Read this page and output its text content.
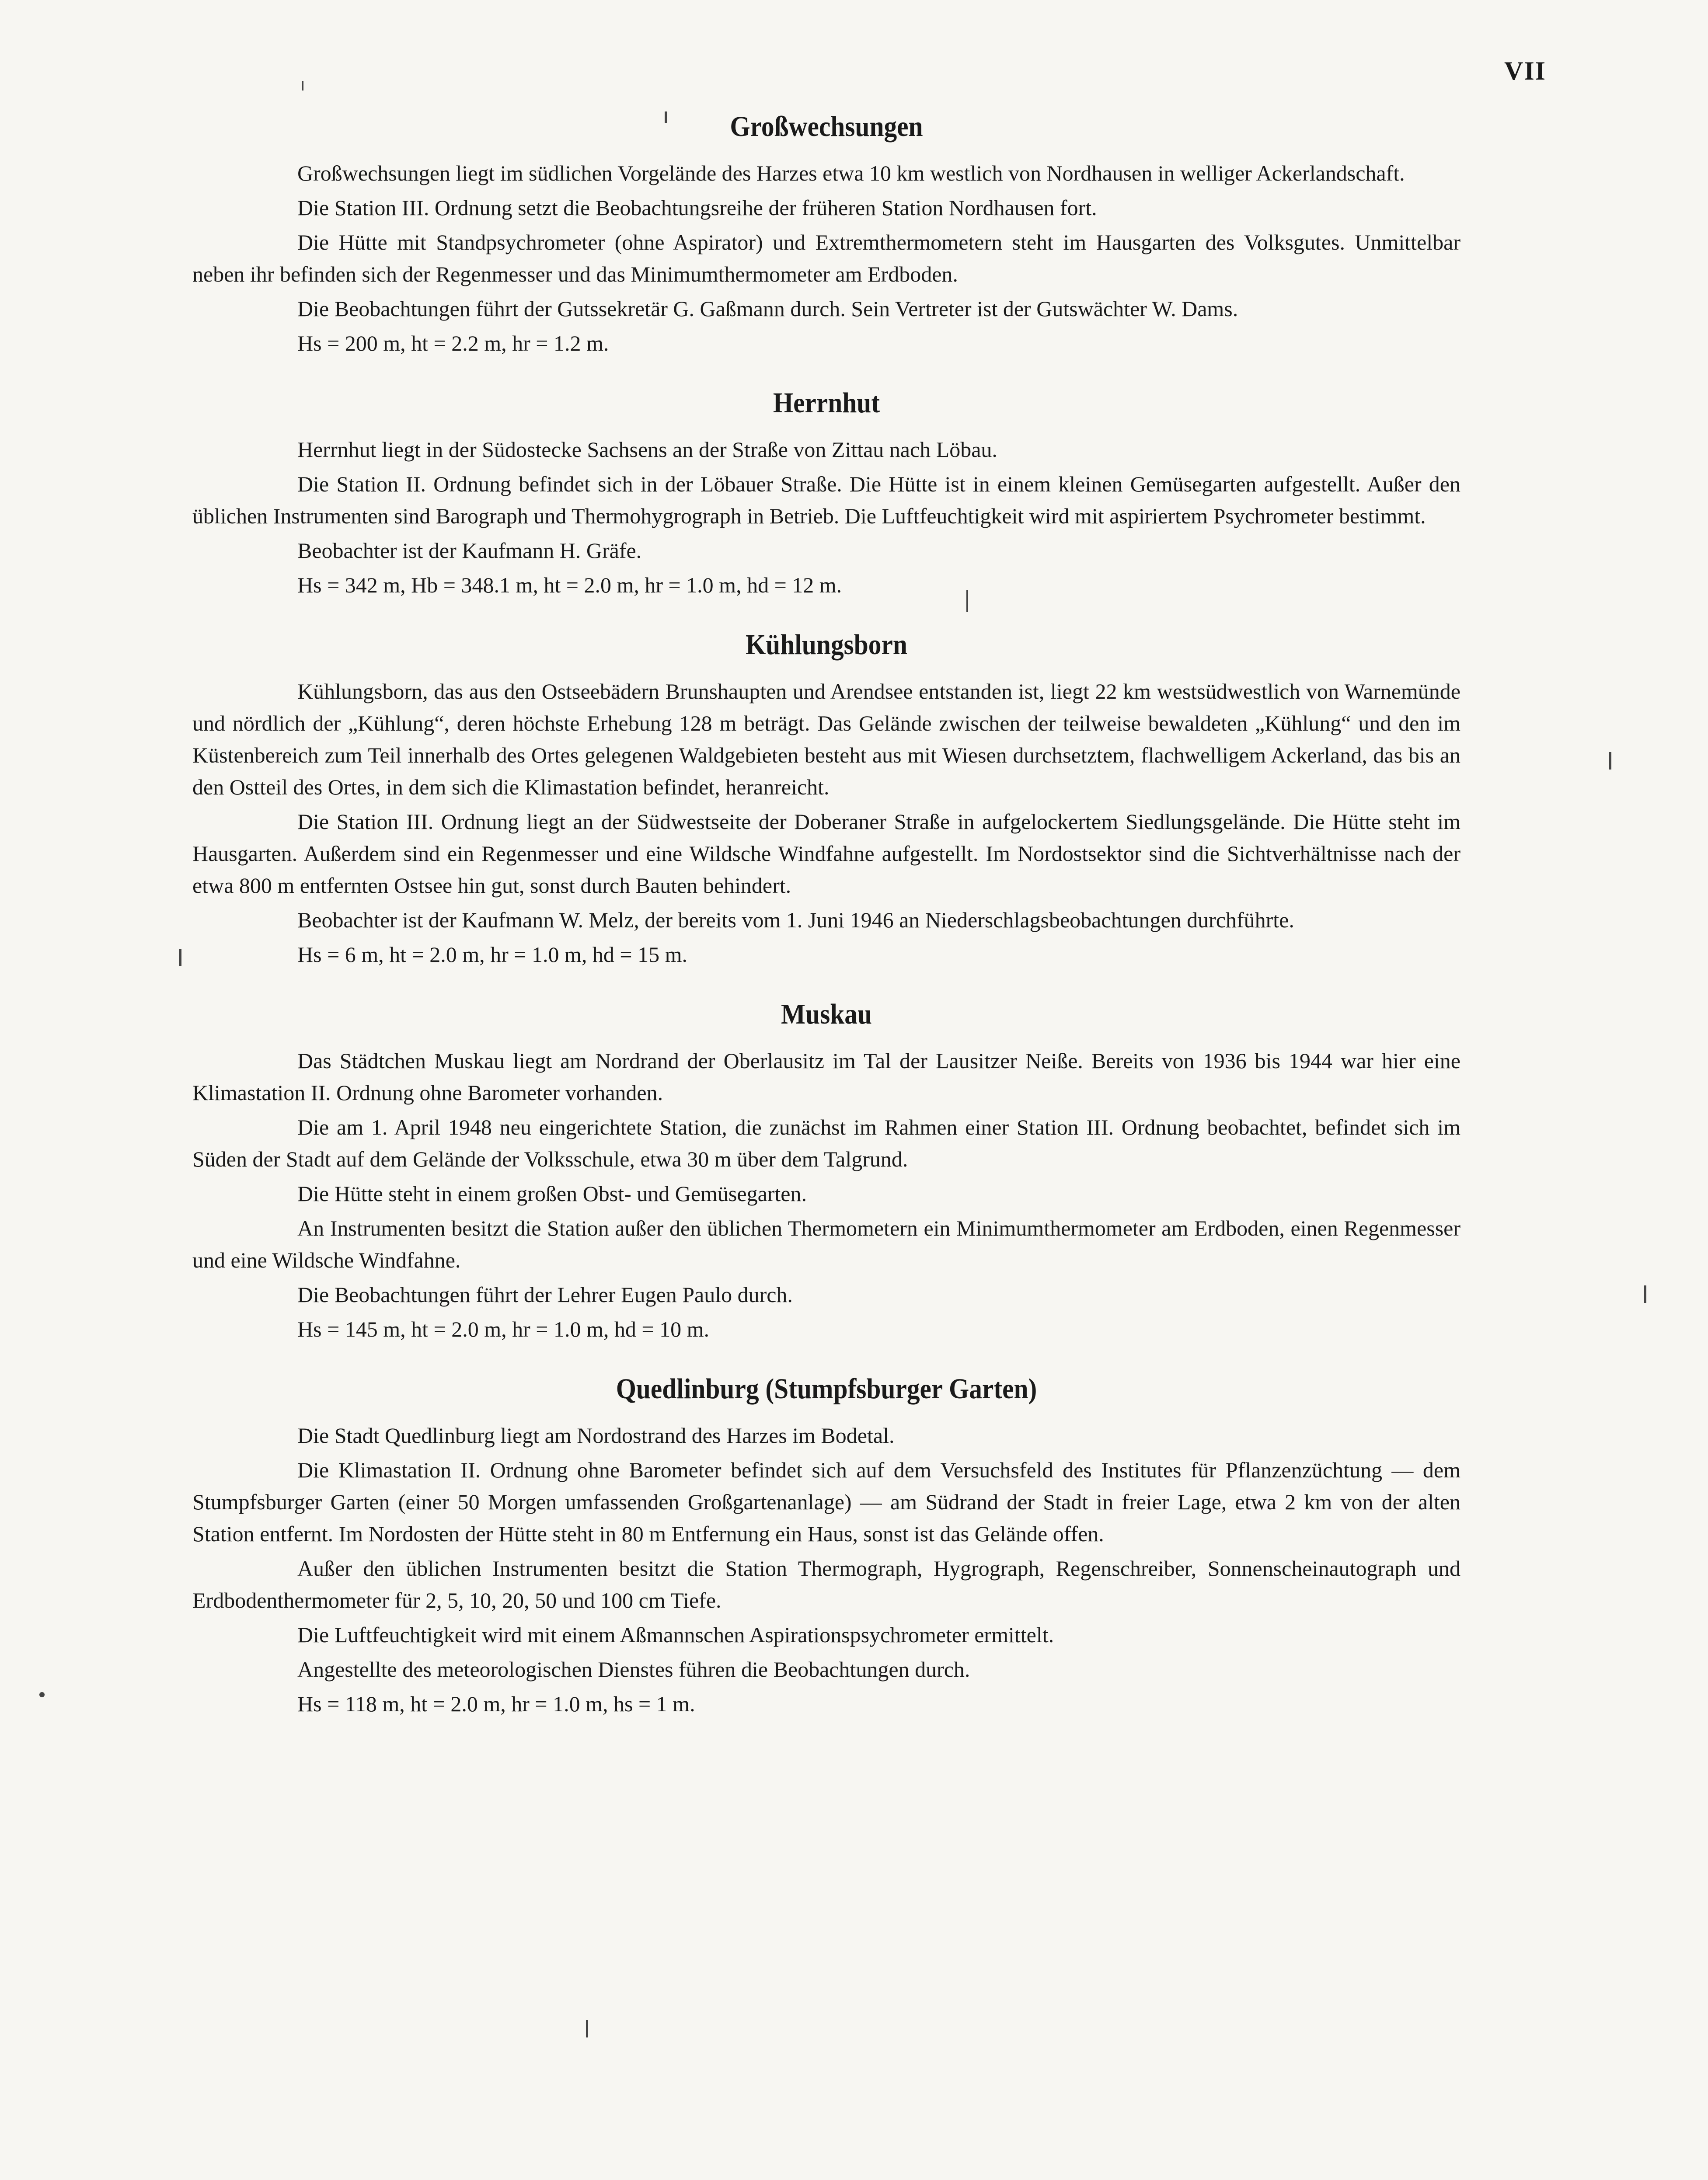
VII
Großwechsungen

Großwechsungen liegt im südlichen Vorgelände des Harzes etwa 10 km westlich von Nordhausen in welliger Ackerlandschaft.

Die Station III. Ordnung setzt die Beobachtungsreihe der früheren Station Nordhausen fort.

Die Hütte mit Standpsychrometer (ohne Aspirator) und Extremthermometern steht im Hausgarten des Volksgutes. Unmittelbar neben ihr befinden sich der Regenmesser und das Minimumthermometer am Erdboden.

Die Beobachtungen führt der Gutssekretär G. Gaßmann durch. Sein Vertreter ist der Gutswächter W. Dams.

Hs = 200 m, ht = 2.2 m, hr = 1.2 m.

Herrnhut

Herrnhut liegt in der Südostecke Sachsens an der Straße von Zittau nach Löbau.

Die Station II. Ordnung befindet sich in der Löbauer Straße. Die Hütte ist in einem kleinen Gemüsegarten aufgestellt. Außer den üblichen Instrumenten sind Barograph und Thermohygrograph in Betrieb. Die Luftfeuchtigkeit wird mit aspiriertem Psychrometer bestimmt.

Beobachter ist der Kaufmann H. Gräfe.

Hs = 342 m, Hb = 348.1 m, ht = 2.0 m, hr = 1.0 m, hd = 12 m.

Kühlungsborn

Kühlungsborn, das aus den Ostseebädern Brunshaupten und Arendsee entstanden ist, liegt 22 km westsüdwestlich von Warnemünde und nördlich der „Kühlung“, deren höchste Erhebung 128 m beträgt. Das Gelände zwischen der teilweise bewaldeten „Kühlung“ und den im Küstenbereich zum Teil innerhalb des Ortes gelegenen Waldgebieten besteht aus mit Wiesen durchsetztem, flachwelligem Ackerland, das bis an den Ostteil des Ortes, in dem sich die Klimastation befindet, heranreicht.

Die Station III. Ordnung liegt an der Südwestseite der Doberaner Straße in aufgelockertem Siedlungsgelände. Die Hütte steht im Hausgarten. Außerdem sind ein Regenmesser und eine Wildsche Windfahne aufgestellt. Im Nordostsektor sind die Sichtverhältnisse nach der etwa 800 m entfernten Ostsee hin gut, sonst durch Bauten behindert.

Beobachter ist der Kaufmann W. Melz, der bereits vom 1. Juni 1946 an Niederschlagsbeobachtungen durchführte.

Hs = 6 m, ht = 2.0 m, hr = 1.0 m, hd = 15 m.

Muskau

Das Städtchen Muskau liegt am Nordrand der Oberlausitz im Tal der Lausitzer Neiße. Bereits von 1936 bis 1944 war hier eine Klimastation II. Ordnung ohne Barometer vorhanden.

Die am 1. April 1948 neu eingerichtete Station, die zunächst im Rahmen einer Station III. Ordnung beobachtet, befindet sich im Süden der Stadt auf dem Gelände der Volksschule, etwa 30 m über dem Talgrund.

Die Hütte steht in einem großen Obst- und Gemüsegarten.

An Instrumenten besitzt die Station außer den üblichen Thermometern ein Minimumthermometer am Erdboden, einen Regenmesser und eine Wildsche Windfahne.

Die Beobachtungen führt der Lehrer Eugen Paulo durch.

Hs = 145 m, ht = 2.0 m, hr = 1.0 m, hd = 10 m.

Quedlinburg (Stumpfsburger Garten)

Die Stadt Quedlinburg liegt am Nordostrand des Harzes im Bodetal.

Die Klimastation II. Ordnung ohne Barometer befindet sich auf dem Versuchsfeld des Institutes für Pflanzenzüchtung — dem Stumpfsburger Garten (einer 50 Morgen umfassenden Großgartenanlage) — am Südrand der Stadt in freier Lage, etwa 2 km von der alten Station entfernt. Im Nordosten der Hütte steht in 80 m Entfernung ein Haus, sonst ist das Gelände offen.

Außer den üblichen Instrumenten besitzt die Station Thermograph, Hygrograph, Regenschreiber, Sonnenscheinautograph und Erdbodenthermometer für 2, 5, 10, 20, 50 und 100 cm Tiefe.

Die Luftfeuchtigkeit wird mit einem Aßmannschen Aspirationspsychrometer ermittelt.

Angestellte des meteorologischen Dienstes führen die Beobachtungen durch.

Hs = 118 m, ht = 2.0 m, hr = 1.0 m, hs = 1 m.
